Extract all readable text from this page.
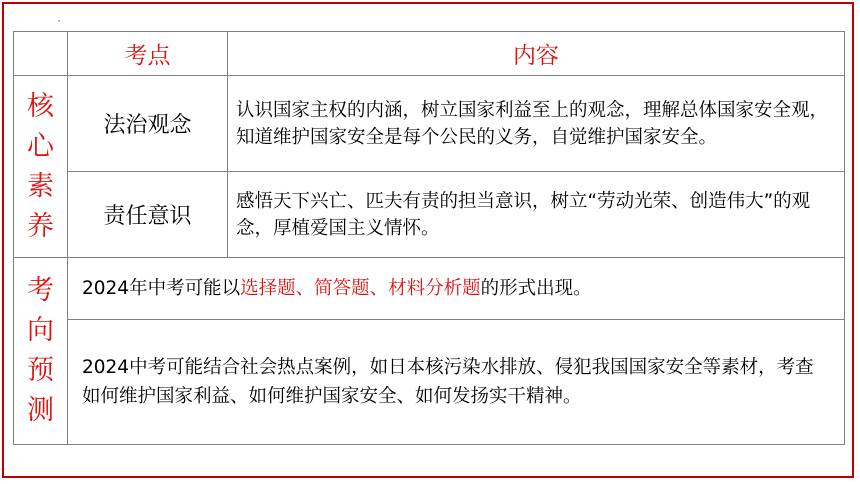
	考点	内容

核
心
素
养	法治观念	认识国家主权的内涵，树立国家利益至上的观念，理解总体国家安全观，知道维护国家安全是每个公民的义务，自觉维护国家安全。
	责任意识	感悟天下兴亡、匹夫有责的担当意识，树立“劳动光荣、创造伟大”的观念，厚植爱国主义情怀。

考
向
预
测	2024年中考可能以选择题、简答题、材料分析题的形式出现。	
	2024中考可能结合社会热点案例，如日本核污染水排放、侵犯我国国家安全等素材，考查如何维护国家利益、如何维护国家安全、如何发扬实干精神。	
